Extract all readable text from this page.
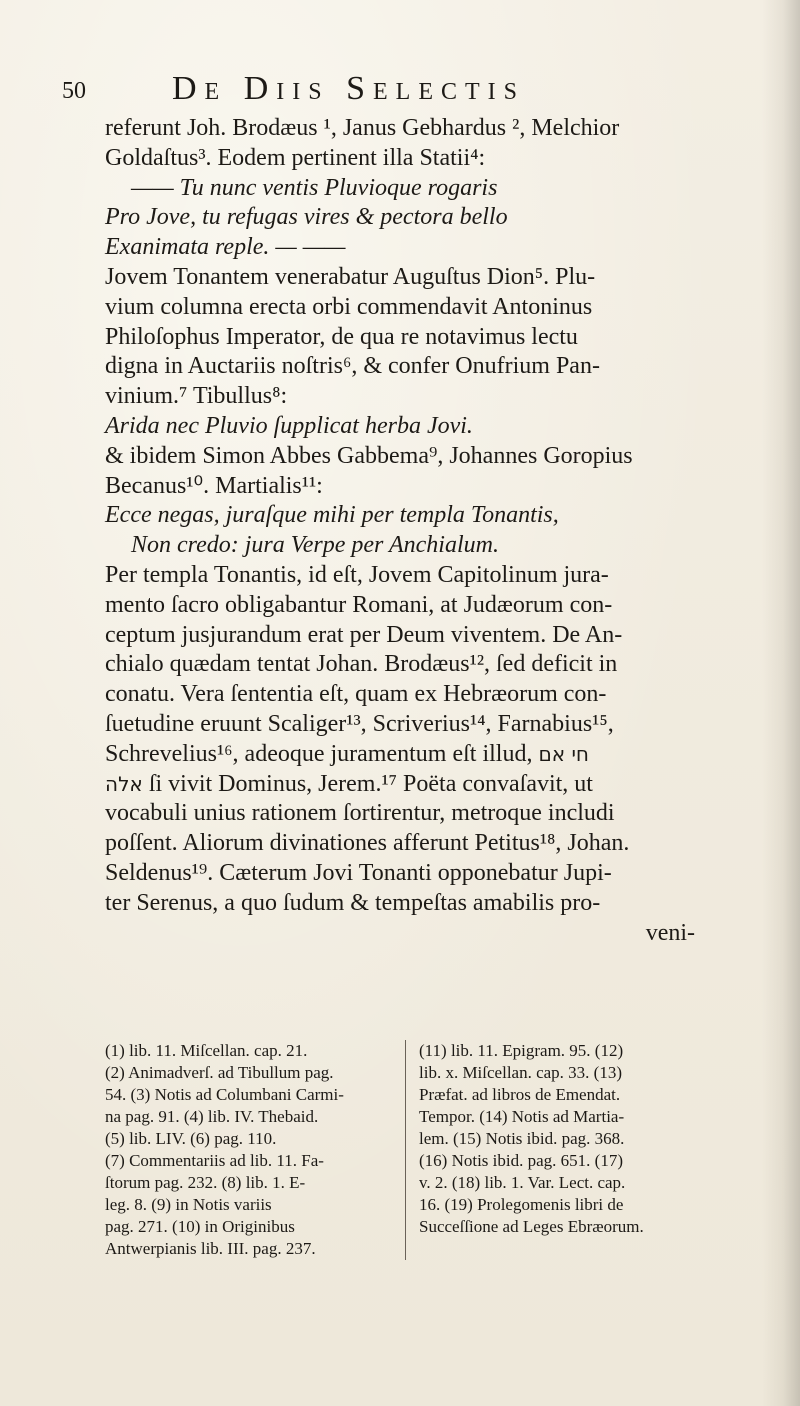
50	De Diis Selectis
referunt Joh. Brodæus ¹, Janus Gebhardus ², Melchior
Goldaſtus³. Eodem pertinent illa Statii⁴:
—— Tu nunc ventis Pluvioque rogaris
Pro Jove, tu refugas vires & pectora bello
Exanimata reple. — ——
Jovem Tonantem venerabatur Auguſtus Dion⁵. Plu-
vium columna erecta orbi commendavit Antoninus
Philoſophus Imperator, de qua re notavimus lectu
digna in Auctariis noſtris⁶, & confer Onufrium Pan-
vinium.⁷ Tibullus⁸:
Arida nec Pluvio ſupplicat herba Jovi.
& ibidem Simon Abbes Gabbema⁹, Johannes Goropius
Becanus¹⁰. Martialis¹¹:
Ecce negas, juraſque mihi per templa Tonantis,
Non credo: jura Verpe per Anchialum.
Per templa Tonantis, id eſt, Jovem Capitolinum jura-
mento ſacro obligabantur Romani, at Judæorum con-
ceptum jusjurandum erat per Deum viventem. De An-
chialo quædam tentat Johan. Brodæus¹², ſed deficit in
conatu. Vera ſententia eſt, quam ex Hebræorum con-
ſuetudine eruunt Scaliger¹³, Scriverius¹⁴, Farnabius¹⁵,
Schrevelius¹⁶, adeoque juramentum eſt illud, חי אם
אלה ſi vivit Dominus, Jerem.¹⁷ Poëta convaſavit, ut
vocabuli unius rationem ſortirentur, metroque includi
poſſent. Aliorum divinationes afferunt Petitus¹⁸, Johan.
Seldenus¹⁹. Cæterum Jovi Tonanti opponebatur Jupi-
ter Serenus, a quo ſudum & tempeſtas amabilis pro-
veni-
(1) lib. 11. Miſcellan. cap. 21.
(2) Animadverſ. ad Tibullum pag.
54. (3) Notis ad Columbani Carmi-
na pag. 91. (4) lib. IV. Thebaid.
(5) lib. LIV. (6) pag. 110.
(7) Commentariis ad lib. 11. Fa-
ſtorum pag. 232. (8) lib. 1. E-
leg. 8. (9) in Notis variis
pag. 271. (10) in Originibus
Antwerpianis lib. III. pag. 237.
(11) lib. 11. Epigram. 95. (12)
lib. x. Miſcellan. cap. 33. (13)
Præfat. ad libros de Emendat.
Tempor. (14) Notis ad Martia-
lem. (15) Notis ibid. pag. 368.
(16) Notis ibid. pag. 651. (17)
v. 2. (18) lib. 1. Var. Lect. cap.
16. (19) Prolegomenis libri de
Succeſſione ad Leges Ebræorum.
